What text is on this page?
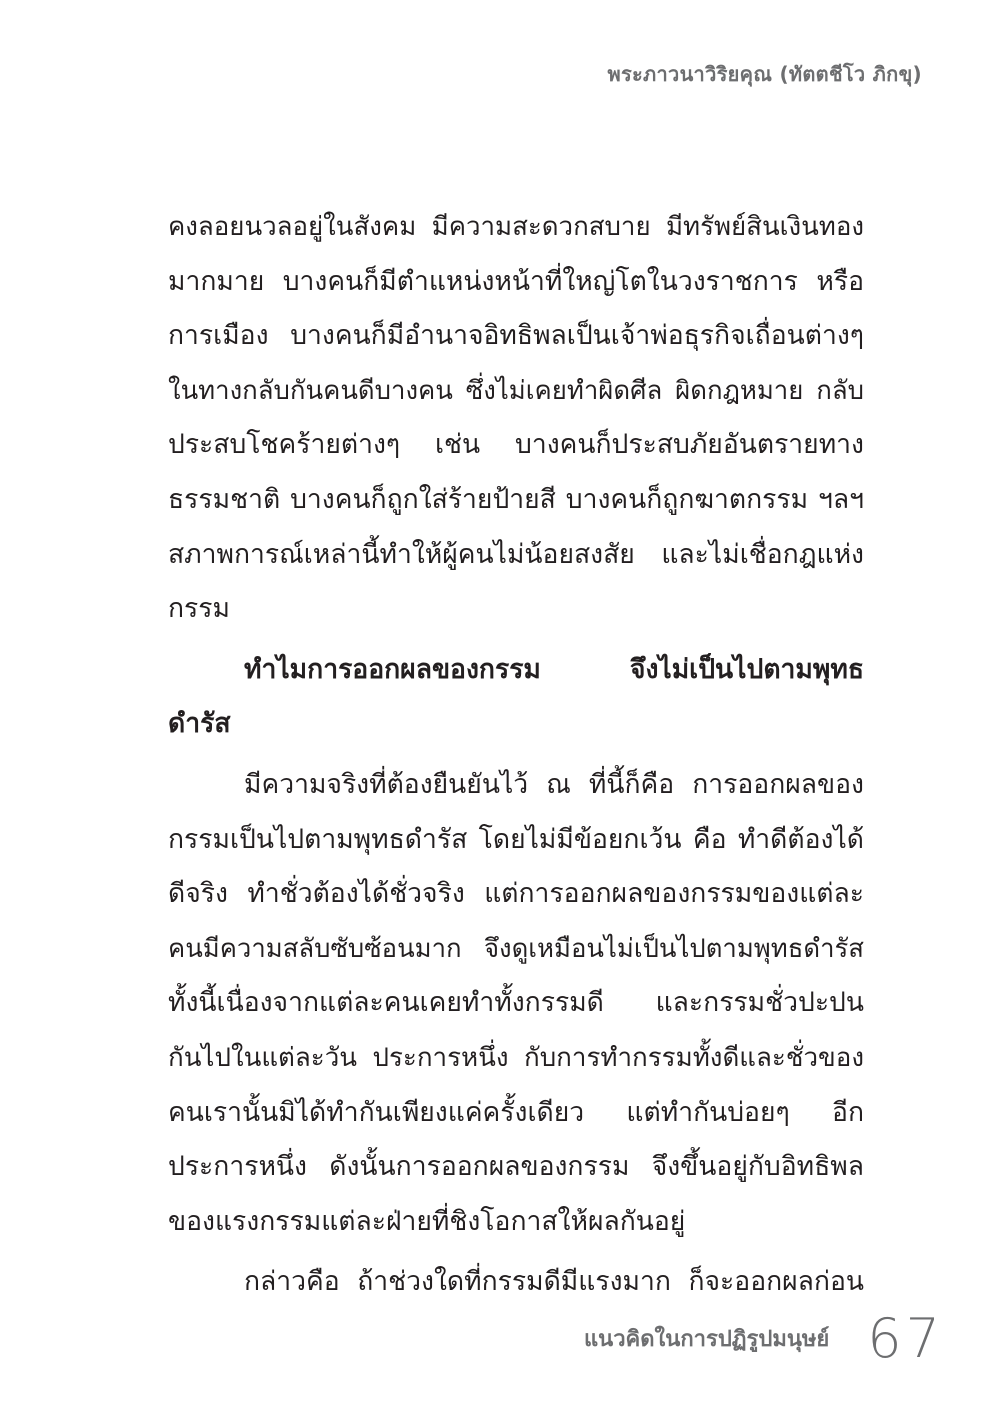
พระภาวนาวิริยคุณ (ทัตตชีโว ภิกขุ)
คงลอยนวลอยู่ในสังคม มีความสะดวกสบาย มีทรัพย์สินเงินทอง
มากมาย บางคนก็มีตำแหน่งหน้าที่ใหญ่โตในวงราชการ หรือ
การเมือง บางคนก็มีอำนาจอิทธิพลเป็นเจ้าพ่อธุรกิจเถื่อนต่างๆ
ในทางกลับกันคนดีบางคน ซึ่งไม่เคยทำผิดศีล ผิดกฎหมาย กลับ
ประสบโชคร้ายต่างๆ เช่น บางคนก็ประสบภัยอันตรายทาง
ธรรมชาติ บางคนก็ถูกใส่ร้ายป้ายสี บางคนก็ถูกฆาตกรรม ฯลฯ
สภาพการณ์เหล่านี้ทำให้ผู้คนไม่น้อยสงสัย และไม่เชื่อกฎแห่ง
กรรม
ทำไมการออกผลของกรรม จึงไม่เป็นไปตามพุทธ
ดำรัส
มีความจริงที่ต้องยืนยันไว้ ณ ที่นี้ก็คือ การออกผลของ
กรรมเป็นไปตามพุทธดำรัส โดยไม่มีข้อยกเว้น คือ ทำดีต้องได้
ดีจริง ทำชั่วต้องได้ชั่วจริง แต่การออกผลของกรรมของแต่ละ
คนมีความสลับซับซ้อนมาก จึงดูเหมือนไม่เป็นไปตามพุทธดำรัส
ทั้งนี้เนื่องจากแต่ละคนเคยทำทั้งกรรมดี และกรรมชั่วปะปน
กันไปในแต่ละวัน ประการหนึ่ง กับการทำกรรมทั้งดีและชั่วของ
คนเรานั้นมิได้ทำกันเพียงแค่ครั้งเดียว แต่ทำกันบ่อยๆ อีก
ประการหนึ่ง ดังนั้นการออกผลของกรรม จึงขึ้นอยู่กับอิทธิพล
ของแรงกรรมแต่ละฝ่ายที่ชิงโอกาสให้ผลกันอยู่
กล่าวคือ ถ้าช่วงใดที่กรรมดีมีแรงมาก ก็จะออกผลก่อน
แนวคิดในการปฏิรูปมนุษย์ 67
